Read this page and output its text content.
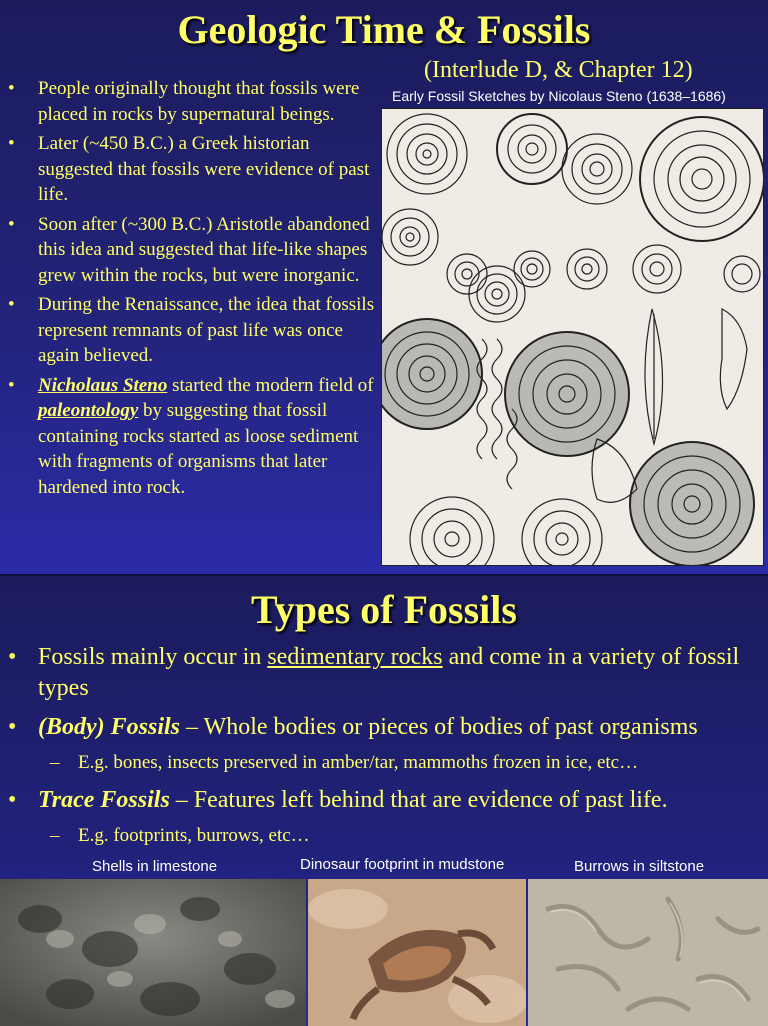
Geologic Time & Fossils
(Interlude D, & Chapter 12)
Early Fossil Sketches by Nicolaus Steno (1638–1686)
• People originally thought that fossils were placed in rocks by supernatural beings.
• Later (~450 B.C.) a Greek historian suggested that fossils were evidence of past life.
• Soon after (~300 B.C.) Aristotle abandoned this idea and suggested that life-like shapes grew within the rocks, but were inorganic.
• During the Renaissance, the idea that fossils represent remnants of past life was once again believed.
• Nicholaus Steno started the modern field of paleontology by suggesting that fossil containing rocks started as loose sediment with fragments of organisms that later hardened into rock.
Types of Fossils
• Fossils mainly occur in sedimentary rocks and come in a variety of fossil types
• (Body) Fossils – Whole bodies or pieces of bodies of past organisms
– E.g. bones, insects preserved in amber/tar, mammoths frozen in ice, etc…
• Trace Fossils – Features left behind that are evidence of past life.
– E.g. footprints, burrows, etc…
Shells in limestone	Dinosaur footprint in mudstone	Burrows in siltstone
